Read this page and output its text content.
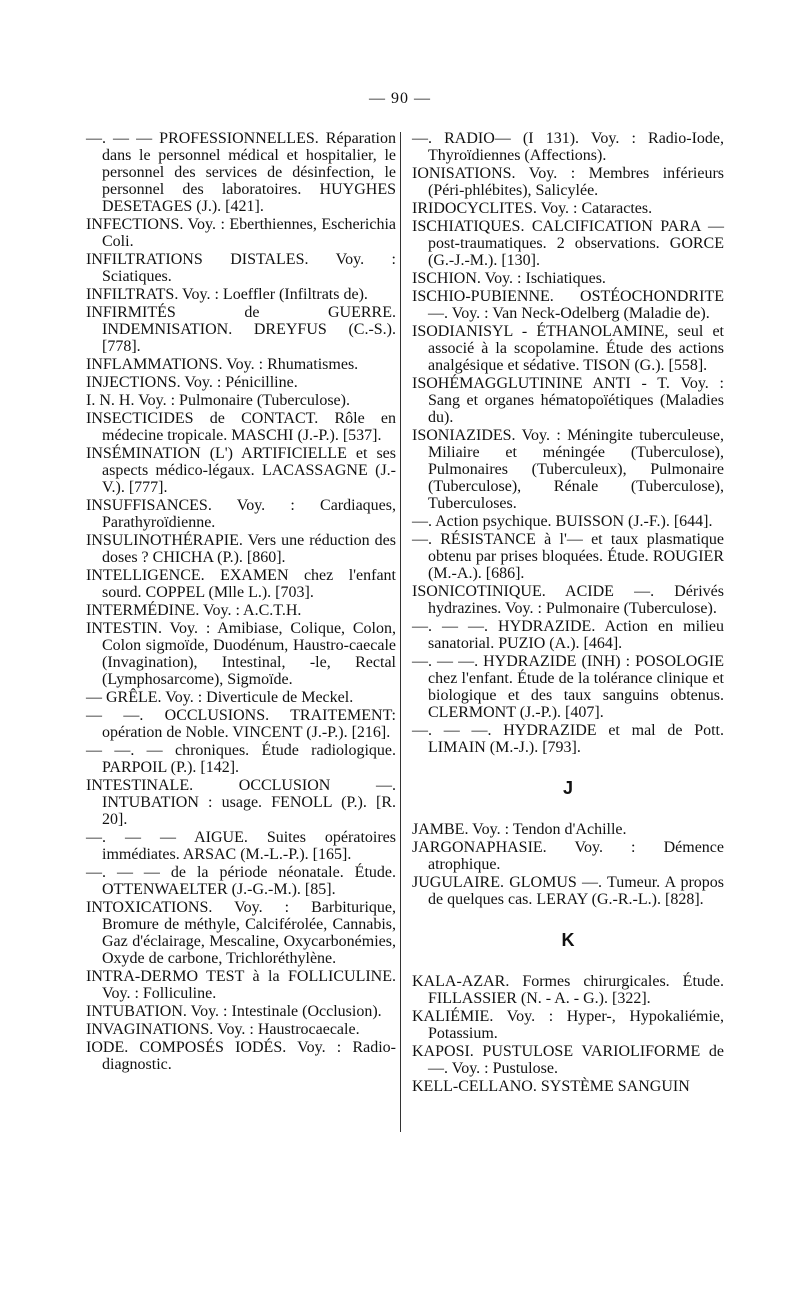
— 90 —

—. — — PROFESSIONNELLES. Réparation dans le personnel médical et hospitalier, le personnel des services de désinfection, le personnel des laboratoires. HUYGHES DESETAGES (J.). [421].

INFECTIONS. Voy. : Eberthiennes, Escherichia Coli.

INFILTRATIONS DISTALES. Voy. : Sciatiques.

INFILTRATS. Voy. : Loeffler (Infiltrats de).

INFIRMITÉS de GUERRE. INDEMNISATION. DREYFUS (C.-S.). [778].

INFLAMMATIONS. Voy. : Rhumatismes.

INJECTIONS. Voy. : Pénicilline.

I. N. H. Voy. : Pulmonaire (Tuberculose).

INSECTICIDES de CONTACT. Rôle en médecine tropicale. MASCHI (J.-P.). [537].

INSÉMINATION (L') ARTIFICIELLE et ses aspects médico-légaux. LACASSAGNE (J.-V.). [777].

INSUFFISANCES. Voy. : Cardiaques, Parathyroïdienne.

INSULINOTHÉRAPIE. Vers une réduction des doses ? CHICHA (P.). [860].

INTELLIGENCE. EXAMEN chez l'enfant sourd. COPPEL (Mlle L.). [703].

INTERMÉDINE. Voy. : A.C.T.H.

INTESTIN. Voy. : Amibiase, Colique, Colon, Colon sigmoïde, Duodénum, Haustro-caecale (Invagination), Intestinal, -le, Rectal (Lymphosarcome), Sigmoïde.

— GRÊLE. Voy. : Diverticule de Meckel.

— —. OCCLUSIONS. TRAITEMENT: opération de Noble. VINCENT (J.-P.). [216].

— —. — chroniques. Étude radiologique. PARPOIL (P.). [142].

INTESTINALE. OCCLUSION —. INTUBATION : usage. FENOLL (P.). [R. 20].

—. — — AIGUE. Suites opératoires immédiates. ARSAC (M.-L.-P.). [165].

—. — — de la période néonatale. Étude. OTTENWAELTER (J.-G.-M.). [85].

INTOXICATIONS. Voy. : Barbiturique, Bromure de méthyle, Calciférolée, Cannabis, Gaz d'éclairage, Mescaline, Oxycarbonémies, Oxyde de carbone, Trichloréthylène.

INTRA-DERMO TEST à la FOLLICULINE. Voy. : Folliculine.

INTUBATION. Voy. : Intestinale (Occlusion).

INVAGINATIONS. Voy. : Haustrocaecale.

IODE. COMPOSÉS IODÉS. Voy. : Radio-diagnostic.

—. RADIO— (I 131). Voy. : Radio-Iode, Thyroïdiennes (Affections).

IONISATIONS. Voy. : Membres inférieurs (Péri-phlébites), Salicylée.

IRIDOCYCLITES. Voy. : Cataractes.

ISCHIATIQUES. CALCIFICATION PARA — post-traumatiques. 2 observations. GORCE (G.-J.-M.). [130].

ISCHION. Voy. : Ischiatiques.

ISCHIO-PUBIENNE. OSTÉOCHONDRITE —. Voy. : Van Neck-Odelberg (Maladie de).

ISODIANISYL - ÉTHANOLAMINE, seul et associé à la scopolamine. Étude des actions analgésique et sédative. TISON (G.). [558].

ISOHÉMAGGLUTININE ANTI - T. Voy. : Sang et organes hématopoïétiques (Maladies du).

ISONIAZIDES. Voy. : Méningite tuberculeuse, Miliaire et méningée (Tuberculose), Pulmonaires (Tuberculeux), Pulmonaire (Tuberculose), Rénale (Tuberculose), Tuberculoses.

—. Action psychique. BUISSON (J.-F.). [644].

—. RÉSISTANCE à l'— et taux plasmatique obtenu par prises bloquées. Étude. ROUGIER (M.-A.). [686].

ISONICOTINIQUE. ACIDE —. Dérivés hydrazines. Voy. : Pulmonaire (Tuberculose).

—. — —. HYDRAZIDE. Action en milieu sanatorial. PUZIO (A.). [464].

—. — —. HYDRAZIDE (INH) : POSOLOGIE chez l'enfant. Étude de la tolérance clinique et biologique et des taux sanguins obtenus. CLERMONT (J.-P.). [407].

—. — —. HYDRAZIDE et mal de Pott. LIMAIN (M.-J.). [793].

J

JAMBE. Voy. : Tendon d'Achille.

JARGONAPHASIE. Voy. : Démence atrophique.

JUGULAIRE. GLOMUS —. Tumeur. A propos de quelques cas. LERAY (G.-R.-L.). [828].

K

KALA-AZAR. Formes chirurgicales. Étude. FILLASSIER (N. - A. - G.). [322].

KALIÉMIE. Voy. : Hyper-, Hypokaliémie, Potassium.

KAPOSI. PUSTULOSE VARIOLIFORME de —. Voy. : Pustulose.

KELL-CELLANO. SYSTÈME SANGUIN
